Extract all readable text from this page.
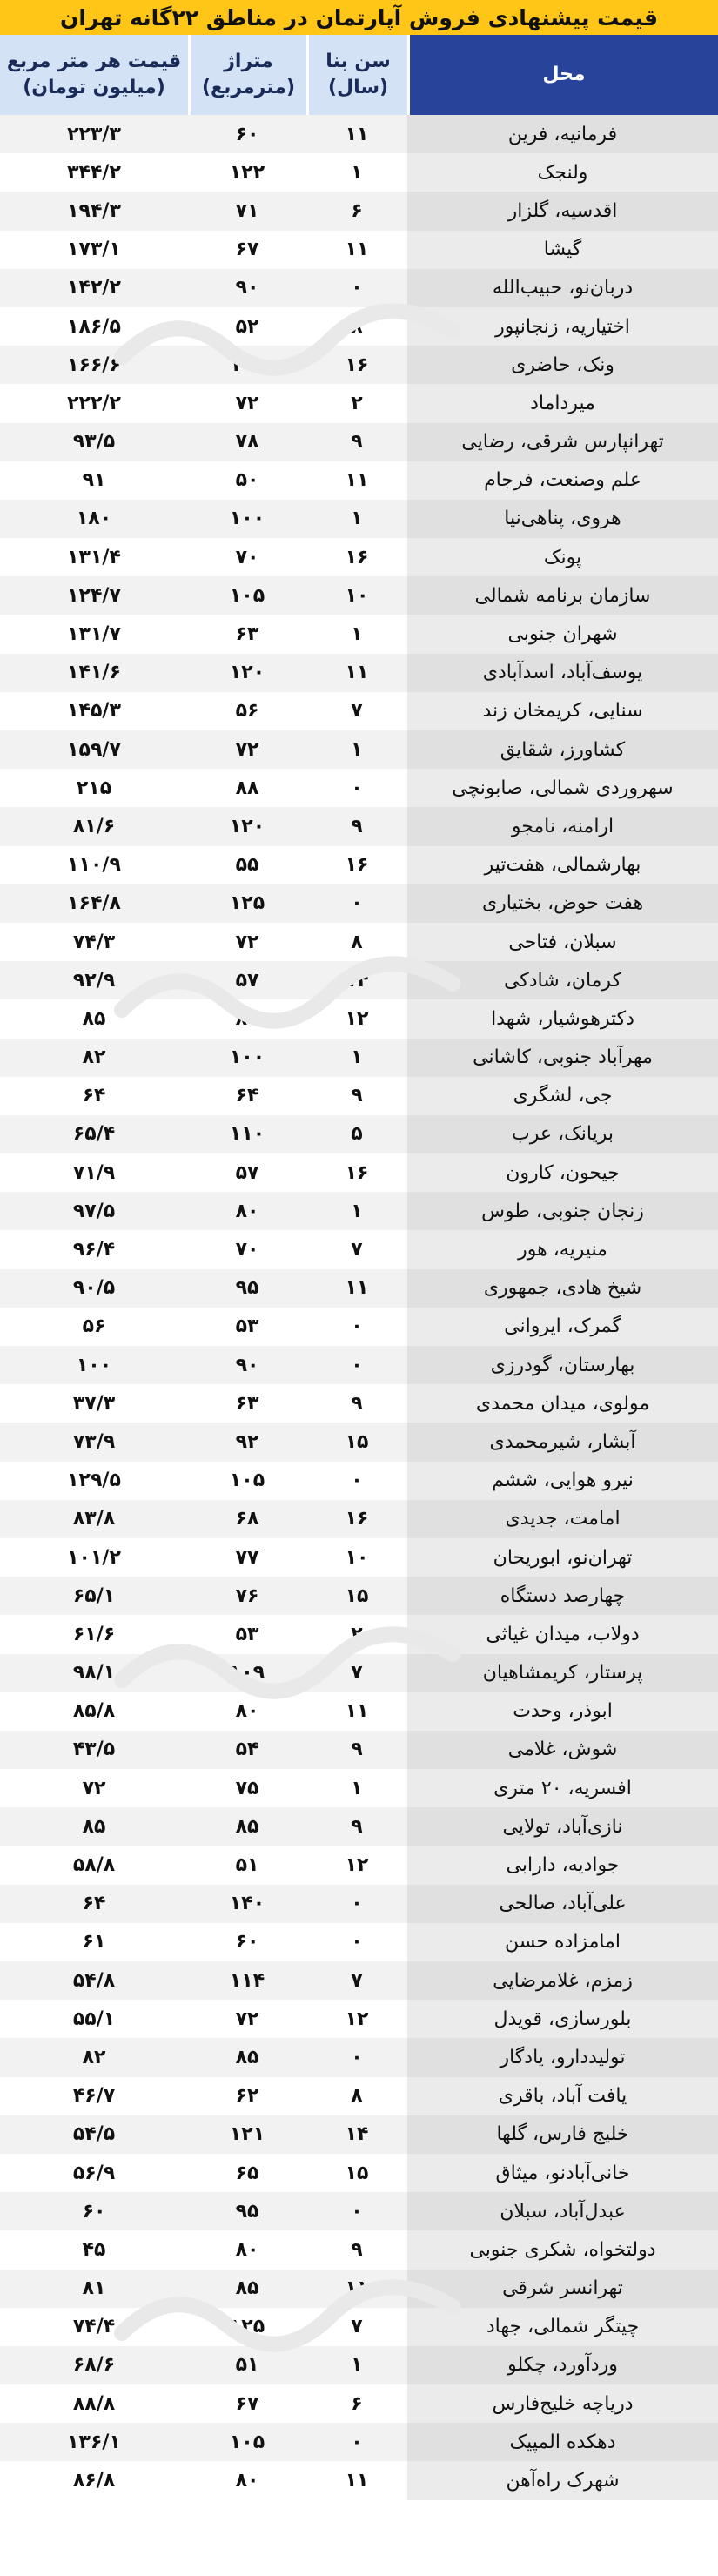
قیمت پیشنهادی فروش آپارتمان در مناطق ۲۲گانه تهران
محل
سن بنا
(سال)
متراژ
(مترمربع)
قیمت هر متر مربع
(میلیون تومان)
فرمانیه، فرین
۱۱
۶۰
۲۲۳/۳
ولنجک
۱
۱۲۲
۳۴۴/۲
اقدسیه، گلزار
۶
۷۱
۱۹۴/۳
گیشا
۱۱
۶۷
۱۷۳/۱
دربان‌نو، حبیب‌الله
۰
۹۰
۱۴۲/۲
اختیاریه، زنجانپور
۸
۵۲
۱۸۶/۵
ونک، حاضری
۱۶
۱۰۵
۱۶۶/۶
میرداماد
۲
۷۲
۲۲۲/۲
تهرانپارس شرقی، رضایی
۹
۷۸
۹۳/۵
علم وصنعت، فرجام
۱۱
۵۰
۹۱
هروی، پناهی‌نیا
۱
۱۰۰
۱۸۰
پونک
۱۶
۷۰
۱۳۱/۴
سازمان برنامه شمالی
۱۰
۱۰۵
۱۲۴/۷
شهران جنوبی
۱
۶۳
۱۳۱/۷
یوسف‌آباد، اسدآبادی
۱۱
۱۲۰
۱۴۱/۶
سنایی، کریمخان زند
۷
۵۶
۱۴۵/۳
کشاورز، شقایق
۱
۷۲
۱۵۹/۷
سهروردی شمالی، صابونچی
۰
۸۸
۲۱۵
ارامنه، نامجو
۹
۱۲۰
۸۱/۶
بهارشمالی، هفت‌تیر
۱۶
۵۵
۱۱۰/۹
هفت حوض، بختیاری
۰
۱۲۵
۱۶۴/۸
سبلان، فتاحی
۸
۷۲
۷۴/۳
کرمان، شادکی
۱۴
۵۷
۹۲/۹
دکترهوشیار، شهدا
۱۲
۸۰
۸۵
مهرآباد جنوبی، کاشانی
۱
۱۰۰
۸۲
جی، لشگری
۹
۶۴
۶۴
بریانک، عرب
۵
۱۱۰
۶۵/۴
جیحون، کارون
۱۶
۵۷
۷۱/۹
زنجان جنوبی، طوس
۱
۸۰
۹۷/۵
منیریه، هور
۷
۷۰
۹۶/۴
شیخ هادی، جمهوری
۱۱
۹۵
۹۰/۵
گمرک، ایروانی
۰
۵۳
۵۶
بهارستان، گودرزی
۰
۹۰
۱۰۰
مولوی، میدان محمدی
۹
۶۳
۳۷/۳
آبشار، شیرمحمدی
۱۵
۹۲
۷۳/۹
نیرو هوایی، ششم
۰
۱۰۵
۱۲۹/۵
امامت، جدیدی
۱۶
۶۸
۸۳/۸
تهران‌نو، ابوریحان
۱۰
۷۷
۱۰۱/۲
چهارصد دستگاه
۱۵
۷۶
۶۵/۱
دولاب، میدان غیاثی
۲
۵۳
۶۱/۶
پرستار، کریمشاهیان
۷
۱۰۹
۹۸/۱
ابوذر، وحدت
۱۱
۸۰
۸۵/۸
شوش، غلامی
۹
۵۴
۴۳/۵
افسریه، ۲۰ متری
۱
۷۵
۷۲
نازی‌آباد، تولایی
۹
۸۵
۸۵
جوادیه، دارابی
۱۲
۵۱
۵۸/۸
علی‌آباد، صالحی
۰
۱۴۰
۶۴
امامزاده حسن
۰
۶۰
۶۱
زمزم، غلامرضایی
۷
۱۱۴
۵۴/۸
بلورسازی، قویدل
۱۲
۷۲
۵۵/۱
تولیددارو، یادگار
۰
۸۵
۸۲
یافت آباد، باقری
۸
۶۲
۴۶/۷
خلیج فارس، گلها
۱۴
۱۲۱
۵۴/۵
خانی‌آبادنو، میثاق
۱۵
۶۵
۵۶/۹
عبدل‌آباد، سبلان
۰
۹۵
۶۰
دولتخواه، شکری جنوبی
۹
۸۰
۴۵
تهرانسر شرقی
۱۱
۸۵
۸۱
چیتگر شمالی، جهاد
۷
۱۲۵
۷۴/۴
وردآورد، چکلو
۱
۵۱
۶۸/۶
دریاچه خلیج‌فارس
۶
۶۷
۸۸/۸
دهکده المپیک
۰
۱۰۵
۱۳۶/۱
شهرک راه‌آهن
۱۱
۸۰
۸۶/۸
